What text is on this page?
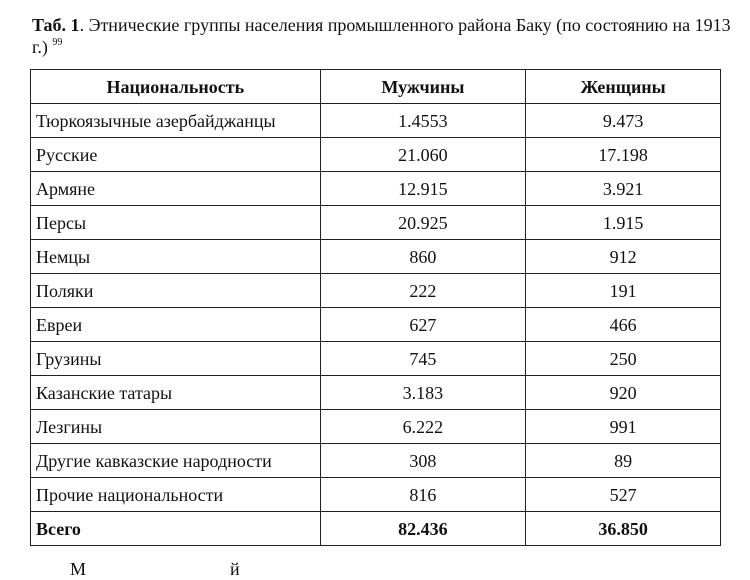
Таб. 1. Этнические группы населения промышленного района Баку (по состоянию на 1913 г.) $^{99}$
Национальность	Мужчины	Женщины
Тюркоязычные азербайджанцы	1.4553	9.473
Русские	21.060	17.198
Армяне	12.915	3.921
Персы	20.925	1.915
Немцы	860	912
Поляки	222	191
Евреи	627	466
Грузины	745	250
Казанские татары	3.183	920
Лезгины	6.222	991
Другие кавказские народности	308	89
Прочие национальности	816	527
Всего	82.436	36.850
М                                й
